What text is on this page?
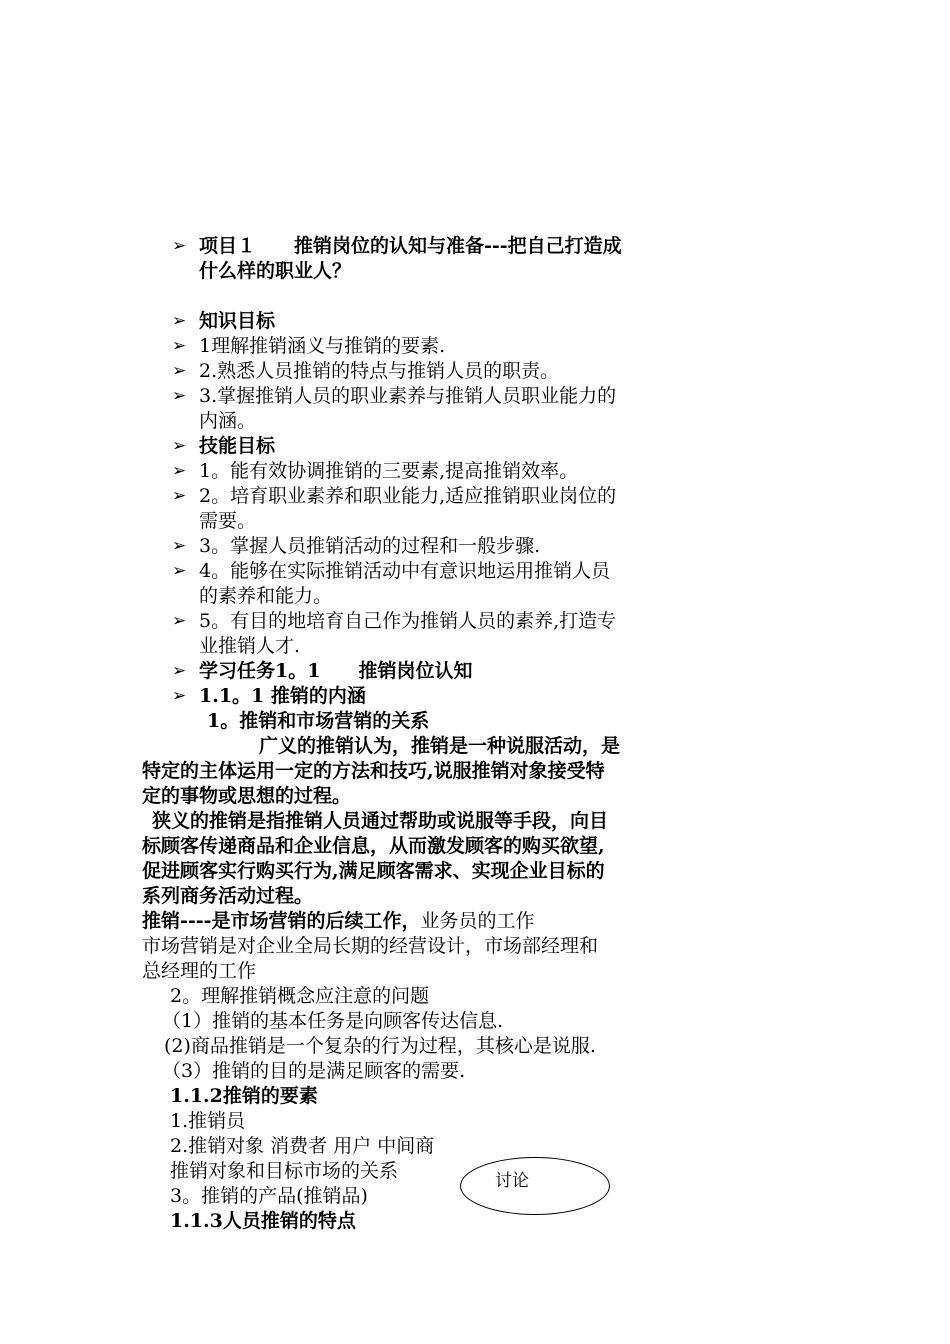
➢ 项目１　　推销岗位的认知与准备---把自己打造成
什么样的职业人？
➢ 知识目标
➢ 1理解推销涵义与推销的要素.
➢ 2.熟悉人员推销的特点与推销人员的职责。
➢ 3.掌握推销人员的职业素养与推销人员职业能力的
内涵。
➢ 技能目标
➢ 1。能有效协调推销的三要素,提高推销效率。
➢ 2。培育职业素养和职业能力,适应推销职业岗位的
需要。
➢ 3。掌握人员推销活动的过程和一般步骤.
➢ 4。能够在实际推销活动中有意识地运用推销人员
的素养和能力。
➢ 5。有目的地培育自己作为推销人员的素养,打造专
业推销人才.
➢ 学习任务1。1　　推销岗位认知
➢ 1.1。1 推销的内涵
1。推销和市场营销的关系
广义的推销认为，推销是一种说服活动，是
特定的主体运用一定的方法和技巧,说服推销对象接受特
定的事物或思想的过程。
狭义的推销是指推销人员通过帮助或说服等手段，向目
标顾客传递商品和企业信息，从而激发顾客的购买欲望,
促进顾客实行购买行为,满足顾客需求、实现企业目标的
系列商务活动过程。
推销----是市场营销的后续工作，业务员的工作
市场营销是对企业全局长期的经营设计，市场部经理和
总经理的工作
2。理解推销概念应注意的问题
（1）推销的基本任务是向顾客传达信息.
(2)商品推销是一个复杂的行为过程，其核心是说服.
（3）推销的目的是满足顾客的需要.
1.1.2推销的要素
1.推销员
2.推销对象 消费者 用户 中间商
推销对象和目标市场的关系
3。推销的产品(推销品)
1.1.3人员推销的特点
讨论
